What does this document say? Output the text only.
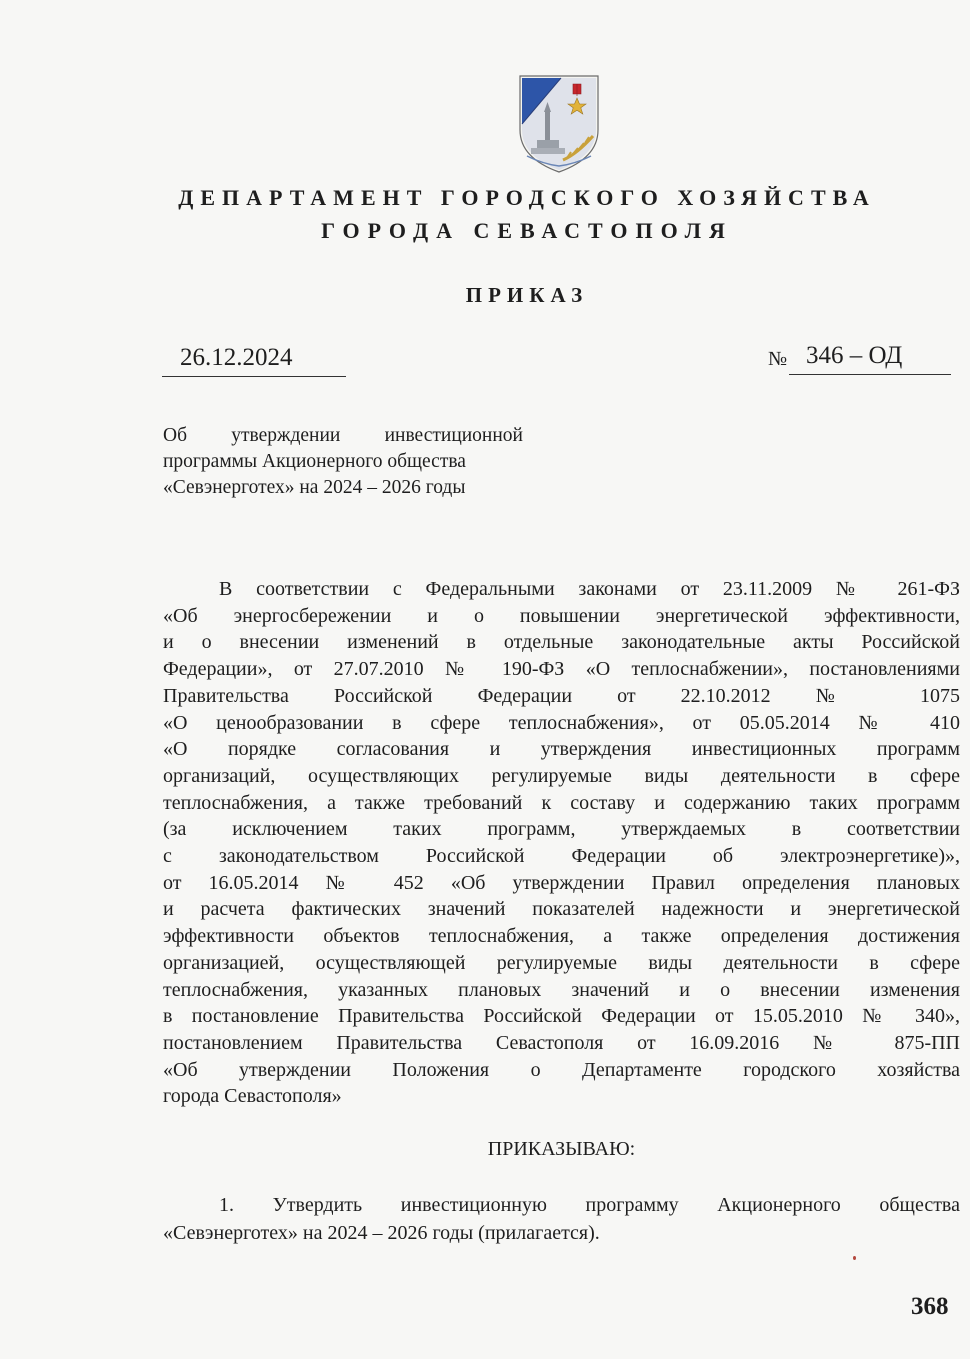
ДЕПАРТАМЕНТ ГОРОДСКОГО ХОЗЯЙСТВА
ГОРОДА СЕВАСТОПОЛЯ
ПРИКАЗ
26.12.2024	№ 346 – ОД
Об утверждении инвестиционной
программы Акционерного общества
«Севэнерготех» на 2024 – 2026 годы
В соответствии с Федеральными законами от 23.11.2009 № 261-ФЗ
«Об энергосбережении и о повышении энергетической эффективности,
и о внесении изменений в отдельные законодательные акты Российской
Федерации», от 27.07.2010 № 190-ФЗ «О теплоснабжении», постановлениями
Правительства Российской Федерации от 22.10.2012 № 1075
«О ценообразовании в сфере теплоснабжения», от 05.05.2014 № 410
«О порядке согласования и утверждения инвестиционных программ
организаций, осуществляющих регулируемые виды деятельности в сфере
теплоснабжения, а также требований к составу и содержанию таких программ
(за исключением таких программ, утверждаемых в соответствии
с законодательством Российской Федерации об электроэнергетике)»,
от 16.05.2014 № 452 «Об утверждении Правил определения плановых
и расчета фактических значений показателей надежности и энергетической
эффективности объектов теплоснабжения, а также определения достижения
организацией, осуществляющей регулируемые виды деятельности в сфере
теплоснабжения, указанных плановых значений и о внесении изменения
в постановление Правительства Российской Федерации от 15.05.2010 № 340»,
постановлением Правительства Севастополя от 16.09.2016 № 875-ПП
«Об утверждении Положения о Департаменте городского хозяйства
города Севастополя»
ПРИКАЗЫВАЮ:
1. Утвердить инвестиционную программу Акционерного общества
«Севэнерготех» на 2024 – 2026 годы (прилагается).
368
